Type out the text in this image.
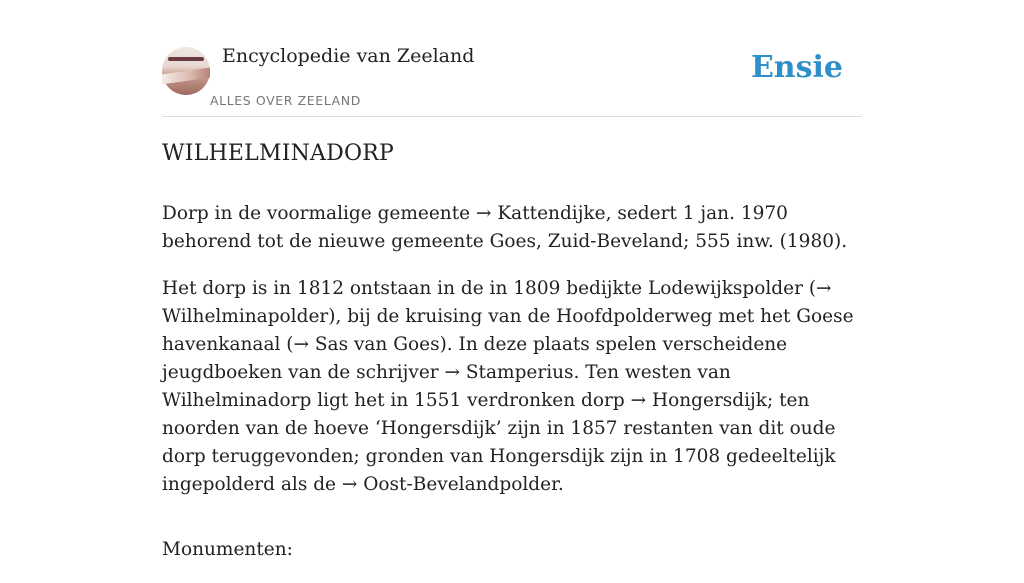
Encyclopedie van Zeeland
ALLES OVER ZEELAND
Ensie
WILHELMINADORP

Dorp in de voormalige gemeente → Kattendijke, sedert 1 jan. 1970 behorend tot de nieuwe gemeente Goes, Zuid-Beveland; 555 inw. (1980).

Het dorp is in 1812 ontstaan in de in 1809 bedijkte Lodewijkspolder (→ Wilhelminapolder), bij de kruising van de Hoofdpolderweg met het Goese havenkanaal (→ Sas van Goes). In deze plaats spelen verscheidene jeugdboeken van de schrijver → Stamperius. Ten westen van Wilhelminadorp ligt het in 1551 verdronken dorp → Hongersdijk; ten noorden van de hoeve ‘Hongersdijk’ zijn in 1857 restanten van dit oude dorp teruggevonden; gronden van Hongersdijk zijn in 1708 gedeeltelijk ingepolderd als de → Oost-Bevelandpolder.

Monumenten:
